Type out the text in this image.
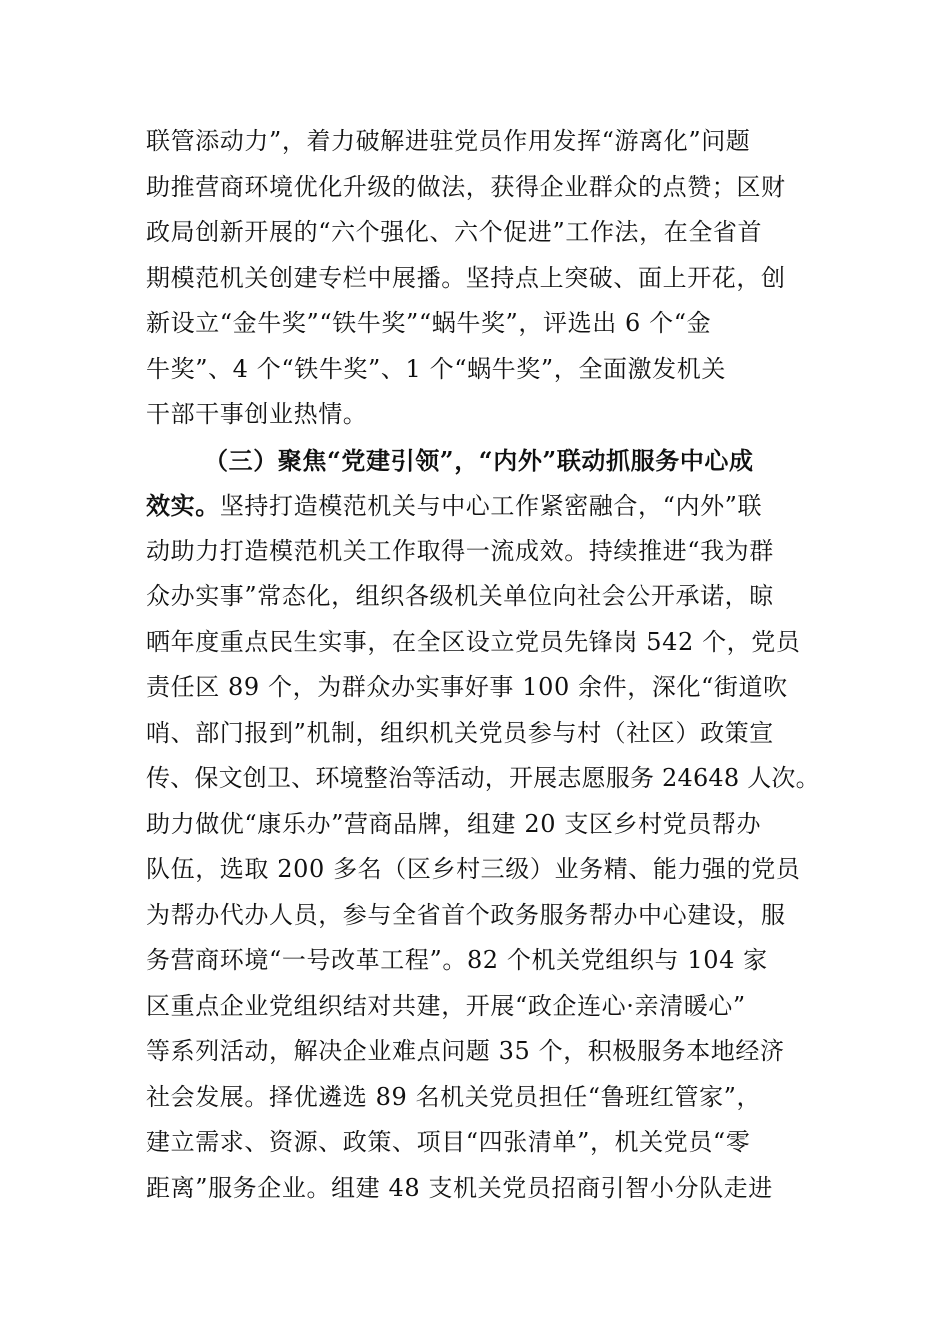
联管添动力”，着力破解进驻党员作用发挥“游离化”问题
助推营商环境优化升级的做法，获得企业群众的点赞；区财
政局创新开展的“六个强化、六个促进”工作法，在全省首
期模范机关创建专栏中展播。坚持点上突破、面上开花，创
新设立“金牛奖”“铁牛奖”“蜗牛奖”，评选出 6 个“金
牛奖”、4 个“铁牛奖”、1 个“蜗牛奖”，全面激发机关
干部干事创业热情。
（三）聚焦“党建引领”，“内外”联动抓服务中心成
效实。坚持打造模范机关与中心工作紧密融合，“内外”联
动助力打造模范机关工作取得一流成效。持续推进“我为群
众办实事”常态化，组织各级机关单位向社会公开承诺，晾
晒年度重点民生实事，在全区设立党员先锋岗 542 个，党员
责任区 89 个，为群众办实事好事 100 余件，深化“街道吹
哨、部门报到”机制，组织机关党员参与村（社区）政策宣
传、保文创卫、环境整治等活动，开展志愿服务 24648 人次。
助力做优“康乐办”营商品牌，组建 20 支区乡村党员帮办
队伍，选取 200 多名（区乡村三级）业务精、能力强的党员
为帮办代办人员，参与全省首个政务服务帮办中心建设，服
务营商环境“一号改革工程”。82 个机关党组织与 104 家
区重点企业党组织结对共建，开展“政企连心·亲清暖心”
等系列活动，解决企业难点问题 35 个，积极服务本地经济
社会发展。择优遴选 89 名机关党员担任“鲁班红管家”，
建立需求、资源、政策、项目“四张清单”，机关党员“零
距离”服务企业。组建 48 支机关党员招商引智小分队走进
